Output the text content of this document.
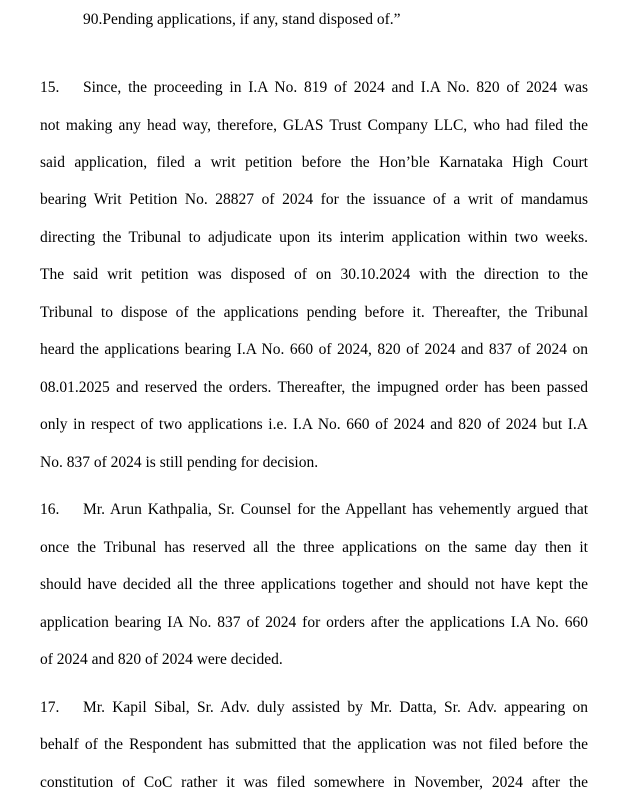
90.Pending applications, if any, stand disposed of.”
15. Since, the proceeding in I.A No. 819 of 2024 and I.A No. 820 of 2024 was
not making any head way, therefore, GLAS Trust Company LLC, who had filed the
said application, filed a writ petition before the Hon’ble Karnataka High Court
bearing Writ Petition No. 28827 of 2024 for the issuance of a writ of mandamus
directing the Tribunal to adjudicate upon its interim application within two weeks.
The said writ petition was disposed of on 30.10.2024 with the direction to the
Tribunal to dispose of the applications pending before it. Thereafter, the Tribunal
heard the applications bearing I.A No. 660 of 2024, 820 of 2024 and 837 of 2024 on
08.01.2025 and reserved the orders. Thereafter, the impugned order has been passed
only in respect of two applications i.e. I.A No. 660 of 2024 and 820 of 2024 but I.A
No. 837 of 2024 is still pending for decision.
16. Mr. Arun Kathpalia, Sr. Counsel for the Appellant has vehemently argued that
once the Tribunal has reserved all the three applications on the same day then it
should have decided all the three applications together and should not have kept the
application bearing IA No. 837 of 2024 for orders after the applications I.A No. 660
of 2024 and 820 of 2024 were decided.
17. Mr. Kapil Sibal, Sr. Adv. duly assisted by Mr. Datta, Sr. Adv. appearing on
behalf of the Respondent has submitted that the application was not filed before the
constitution of CoC rather it was filed somewhere in November, 2024 after the
